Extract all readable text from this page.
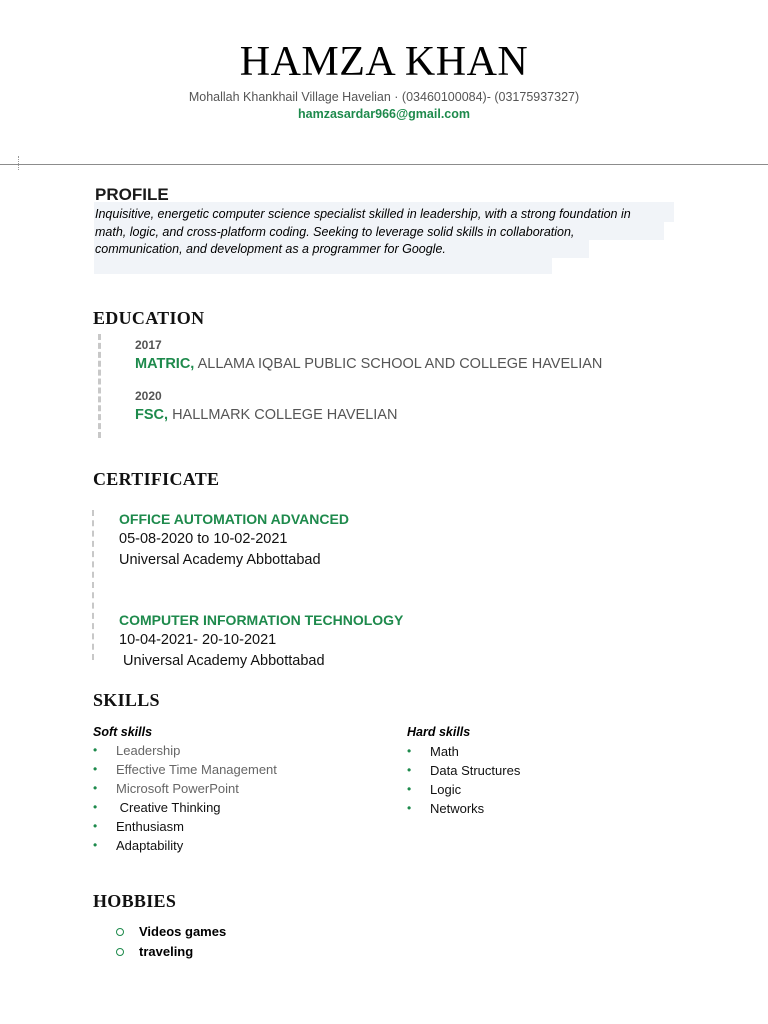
HAMZA KHAN
Mohallah Khankhail Village Havelian · (03460100084)- (03175937327)
hamzasardar966@gmail.com
PROFILE
Inquisitive, energetic computer science specialist skilled in leadership, with a strong foundation in math, logic, and cross-platform coding. Seeking to leverage solid skills in collaboration, communication, and development as a programmer for Google.
EDUCATION
2017
MATRIC, ALLAMA IQBAL PUBLIC SCHOOL AND COLLEGE HAVELIAN
2020
FSC, HALLMARK COLLEGE HAVELIAN
CERTIFICATE
OFFICE AUTOMATION ADVANCED
05-08-2020 to 10-02-2021
Universal Academy Abbottabad
COMPUTER INFORMATION TECHNOLOGY
10-04-2021- 20-10-2021
Universal Academy Abbottabad
SKILLS
Soft skills
• Leadership
• Effective Time Management
• Microsoft PowerPoint
• Creative Thinking
• Enthusiasm
• Adaptability
Hard skills
• Math
• Data Structures
• Logic
• Networks
HOBBIES
Videos games
traveling
